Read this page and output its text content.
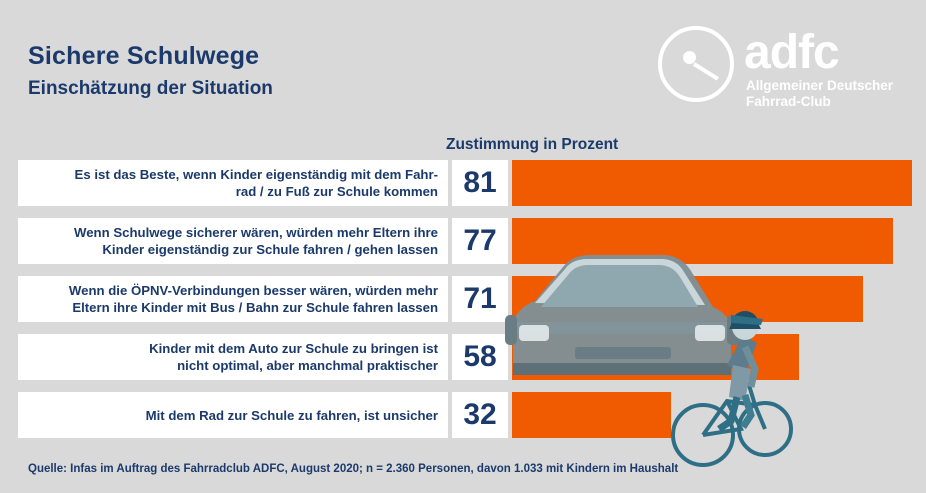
Sichere Schulwege
Einschätzung der Situation
adfc
Allgemeiner Deutscher
Fahrrad-Club
Zustimmung in Prozent
Es ist das Beste, wenn Kinder eigenständig mit dem Fahr-
rad / zu Fuß zur Schule kommen 81
Wenn Schulwege sicherer wären, würden mehr Eltern ihre
Kinder eigenständig zur Schule fahren / gehen lassen 77
Wenn die ÖPNV-Verbindungen besser wären, würden mehr
Eltern ihre Kinder mit Bus / Bahn zur Schule fahren lassen 71
Kinder mit dem Auto zur Schule zu bringen ist
nicht optimal, aber manchmal praktischer 58
Mit dem Rad zur Schule zu fahren, ist unsicher 32
Quelle: Infas im Auftrag des Fahrradclub ADFC, August 2020; n = 2.360 Personen, davon 1.033 mit Kindern im Haushalt
